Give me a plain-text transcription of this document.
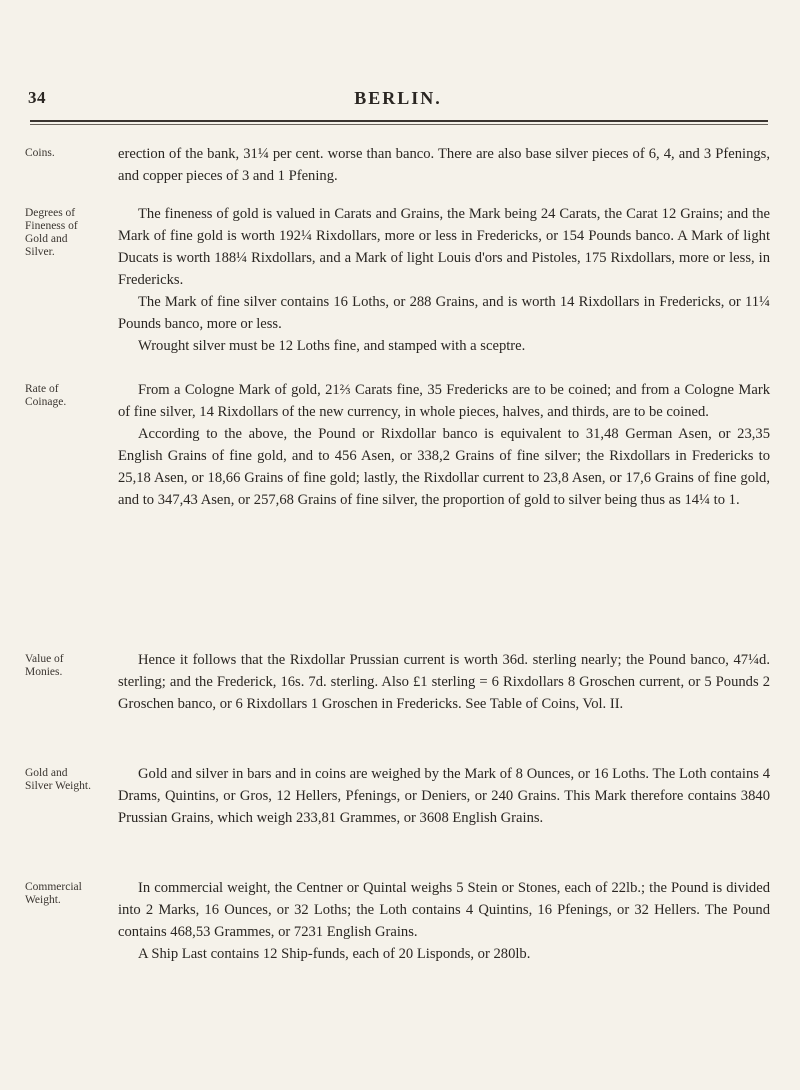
34	BERLIN.
Coins.	erection of the bank, 31¼ per cent. worse than banco. There are also base silver pieces of 6, 4, and 3 Pfenings, and copper pieces of 3 and 1 Pfening.

Degrees of Fineness of Gold and Silver.

The fineness of gold is valued in Carats and Grains, the Mark being 24 Carats, the Carat 12 Grains; and the Mark of fine gold is worth 192¼ Rixdollars, more or less in Fredericks, or 154 Pounds banco. A Mark of light Ducats is worth 188¼ Rixdollars, and a Mark of light Louis d'ors and Pistoles, 175 Rixdollars, more or less, in Fredericks.

The Mark of fine silver contains 16 Loths, or 288 Grains, and is worth 14 Rixdollars in Fredericks, or 11¼ Pounds banco, more or less.

Wrought silver must be 12 Loths fine, and stamped with a sceptre.

Rate of Coinage.

From a Cologne Mark of gold, 21⅔ Carats fine, 35 Fredericks are to be coined; and from a Cologne Mark of fine silver, 14 Rixdollars of the new currency, in whole pieces, halves, and thirds, are to be coined.

According to the above, the Pound or Rixdollar banco is equivalent to 31,48 German Asen, or 23,35 English Grains of fine gold, and to 456 Asen, or 338,2 Grains of fine silver; the Rixdollars in Fredericks to 25,18 Asen, or 18,66 Grains of fine gold; lastly, the Rixdollar current to 23,8 Asen, or 17,6 Grains of fine gold, and to 347,43 Asen, or 257,68 Grains of fine silver, the proportion of gold to silver being thus as 14¼ to 1.

Value of Monies.

Hence it follows that the Rixdollar Prussian current is worth 36d. sterling nearly; the Pound banco, 47¼d. sterling; and the Frederick, 16s. 7d. sterling. Also £1 sterling = 6 Rixdollars 8 Groschen current, or 5 Pounds 2 Groschen banco, or 6 Rixdollars 1 Groschen in Fredericks. See Table of Coins, Vol. II.

Gold and Silver Weight.

Gold and silver in bars and in coins are weighed by the Mark of 8 Ounces, or 16 Loths. The Loth contains 4 Drams, Quintins, or Gros, 12 Hellers, Pfenings, or Deniers, or 240 Grains. This Mark therefore contains 3840 Prussian Grains, which weigh 233,81 Grammes, or 3608 English Grains.

Commercial Weight.

In commercial weight, the Centner or Quintal weighs 5 Stein or Stones, each of 22lb.; the Pound is divided into 2 Marks, 16 Ounces, or 32 Loths; the Loth contains 4 Quintins, 16 Pfenings, or 32 Hellers. The Pound contains 468,53 Grammes, or 7231 English Grains.

A Ship Last contains 12 Ship-funds, each of 20 Lisponds, or 280lb.
